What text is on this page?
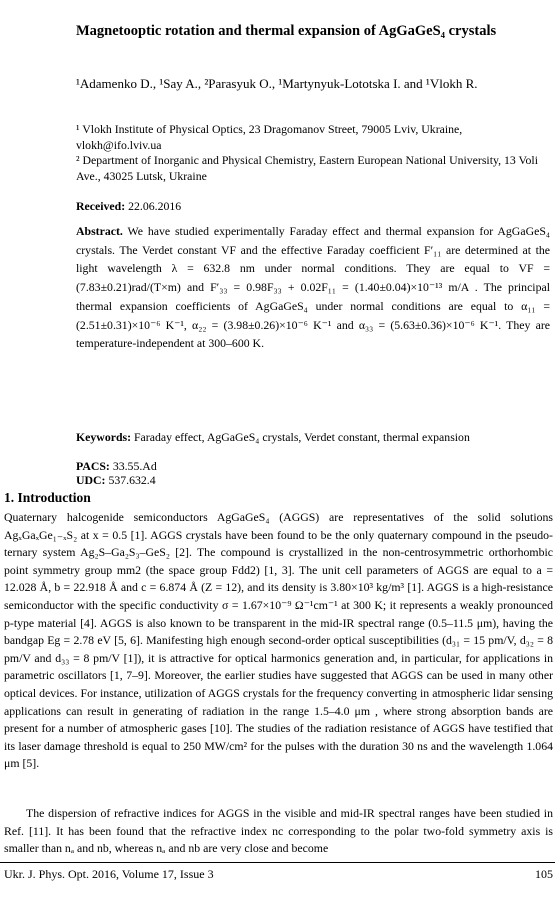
Magnetooptic rotation and thermal expansion of AgGaGeS₄ crystals
¹Adamenko D., ¹Say A., ²Parasyuk O., ¹Martynyuk-Lototska I. and ¹Vlokh R.
¹ Vlokh Institute of Physical Optics, 23 Dragomanov Street, 79005 Lviv, Ukraine, vlokh@ifo.lviv.ua
² Department of Inorganic and Physical Chemistry, Eastern European National University, 13 Voli Ave., 43025 Lutsk, Ukraine
Received: 22.06.2016
Abstract. We have studied experimentally Faraday effect and thermal expansion for AgGaGeS₄ crystals. The Verdet constant VF and the effective Faraday coefficient F′₁₁ are determined at the light wavelength λ = 632.8 nm under normal conditions. They are equal to VF =(7.83±0.21)rad/(T×m) and F′₃₃ = 0.98F₃₃ + 0.02F₁₁ = (1.40±0.04)×10⁻¹³ m/A . The principal thermal expansion coefficients of AgGaGeS₄ under normal conditions are equal to α₁₁ = (2.51±0.31)×10⁻⁶ K⁻¹, α₂₂ = (3.98±0.26)×10⁻⁶ K⁻¹ and α₃₃ = (5.63±0.36)×10⁻⁶ K⁻¹. They are temperature-independent at 300–600 K.
Keywords: Faraday effect, AgGaGeS₄ crystals, Verdet constant, thermal expansion
PACS: 33.55.Ad
UDC: 537.632.4
1. Introduction
Quaternary halcogenide semiconductors AgGaGeS₄ (AGGS) are representatives of the solid solutions AgₓGaₓGe₁₋ₓS₂ at x = 0.5 [1]. AGGS crystals have been found to be the only quaternary compound in the pseudo-ternary system Ag₂S–Ga₂S₃–GeS₂ [2]. The compound is crystallized in the non-centrosymmetric orthorhombic point symmetry group mm2 (the space group Fdd2) [1, 3]. The unit cell parameters of AGGS are equal to a = 12.028 Å, b = 22.918 Å and c = 6.874 Å (Z = 12), and its density is 3.80×10³ kg/m³ [1]. AGGS is a high-resistance semiconductor with the specific conductivity σ = 1.67×10⁻⁹ Ω⁻¹cm⁻¹ at 300 K; it represents a weakly pronounced p-type material [4]. AGGS is also known to be transparent in the mid-IR spectral range (0.5–11.5 μm), having the bandgap Eg = 2.78 eV [5, 6]. Manifesting high enough second-order optical susceptibilities (d₃₁ = 15 pm/V, d₃₂ = 8 pm/V and d₃₃ = 8 pm/V [1]), it is attractive for optical harmonics generation and, in particular, for applications in parametric oscillators [1, 7–9]. Moreover, the earlier studies have suggested that AGGS can be used in many other optical devices. For instance, utilization of AGGS crystals for the frequency converting in atmospheric lidar sensing applications can result in generating of radiation in the range 1.5–4.0 μm , where strong absorption bands are present for a number of atmospheric gases [10]. The studies of the radiation resistance of AGGS have testified that its laser damage threshold is equal to 250 MW/cm² for the pulses with the duration 30 ns and the wavelength 1.064 μm [5].
The dispersion of refractive indices for AGGS in the visible and mid-IR spectral ranges have been studied in Ref. [11]. It has been found that the refractive index nc corresponding to the polar two-fold symmetry axis is smaller than nₐ and nb, whereas nₐ and nb are very close and become
Ukr. J. Phys. Opt. 2016, Volume 17, Issue 3	105
